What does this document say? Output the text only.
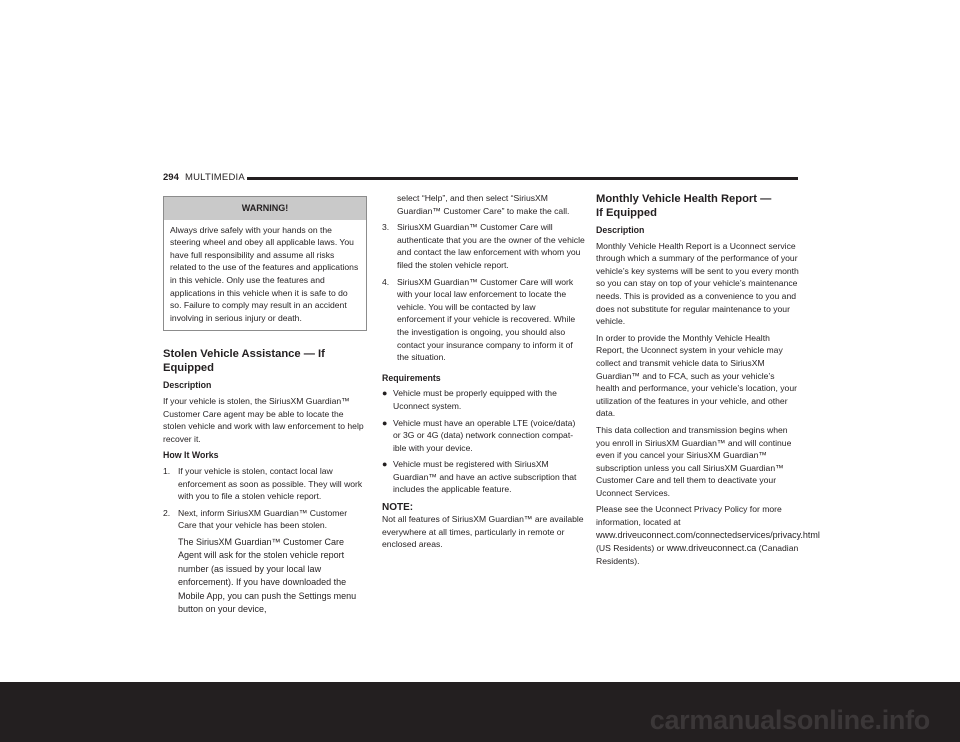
294 MULTIMEDIA
WARNING!
Always drive safely with your hands on the steering wheel and obey all applicable laws. You have full responsibility and assume all risks related to the use of the features and applications in this vehicle. Only use the features and applications in this vehicle when it is safe to do so. Failure to comply may result in an accident involving in serious injury or death.
Stolen Vehicle Assistance — If Equipped
Description

If your vehicle is stolen, the SiriusXM Guardian™ Customer Care agent may be able to locate the stolen vehicle and work with law enforcement to help recover it.

How It Works
1. If your vehicle is stolen, contact local law enforcement as soon as possible. They will work with you to file a stolen vehicle report.
2. Next, inform SiriusXM Guardian™ Customer Care that your vehicle has been stolen.
The SiriusXM Guardian™ Customer Care Agent will ask for the stolen vehicle report number (as issued by your local law enforcement). If you have downloaded the Mobile App, you can push the Settings menu button on your device,
select “Help”, and then select “SiriusXM Guardian™ Customer Care” to make the call.
3. SiriusXM Guardian™ Customer Care will authenticate that you are the owner of the vehicle and contact the law enforcement with whom you filed the stolen vehicle report.
4. SiriusXM Guardian™ Customer Care will work with your local law enforcement to locate the vehicle. You will be contacted by law enforcement if your vehicle is recovered. While the investigation is ongoing, you should also contact your insurance company to inform it of the situation.
Requirements
● Vehicle must be properly equipped with the Uconnect system.
● Vehicle must have an operable LTE (voice/data) or 3G or 4G (data) network connection compat-ible with your device.
● Vehicle must be registered with SiriusXM Guardian™ and have an active subscription that includes the applicable feature.
NOTE:

Not all features of SiriusXM Guardian™ are available everywhere at all times, particularly in remote or enclosed areas.

Monthly Vehicle Health Report —
If Equipped
Description

Monthly Vehicle Health Report is a Uconnect service through which a summary of the performance of your vehicle’s key systems will be sent to you every month so you can stay on top of your vehicle’s maintenance needs. This is provided as a convenience to you and does not substitute for regular maintenance to your vehicle.

In order to provide the Monthly Vehicle Health Report, the Uconnect system in your vehicle may collect and transmit vehicle data to SiriusXM Guardian™ and to FCA, such as your vehicle’s health and performance, your vehicle’s location, your utilization of the features in your vehicle, and other data.

This data collection and transmission begins when you enroll in SiriusXM Guardian™ and will continue even if you cancel your SiriusXM Guardian™ subscription unless you call SiriusXM Guardian™ Customer Care and tell them to deactivate your Uconnect Services.

Please see the Uconnect Privacy Policy for more information, located at www.driveuconnect.com/connectedservices/privacy.html (US Residents) or www.driveuconnect.ca (Canadian Residents).

carmanualsonline.info
